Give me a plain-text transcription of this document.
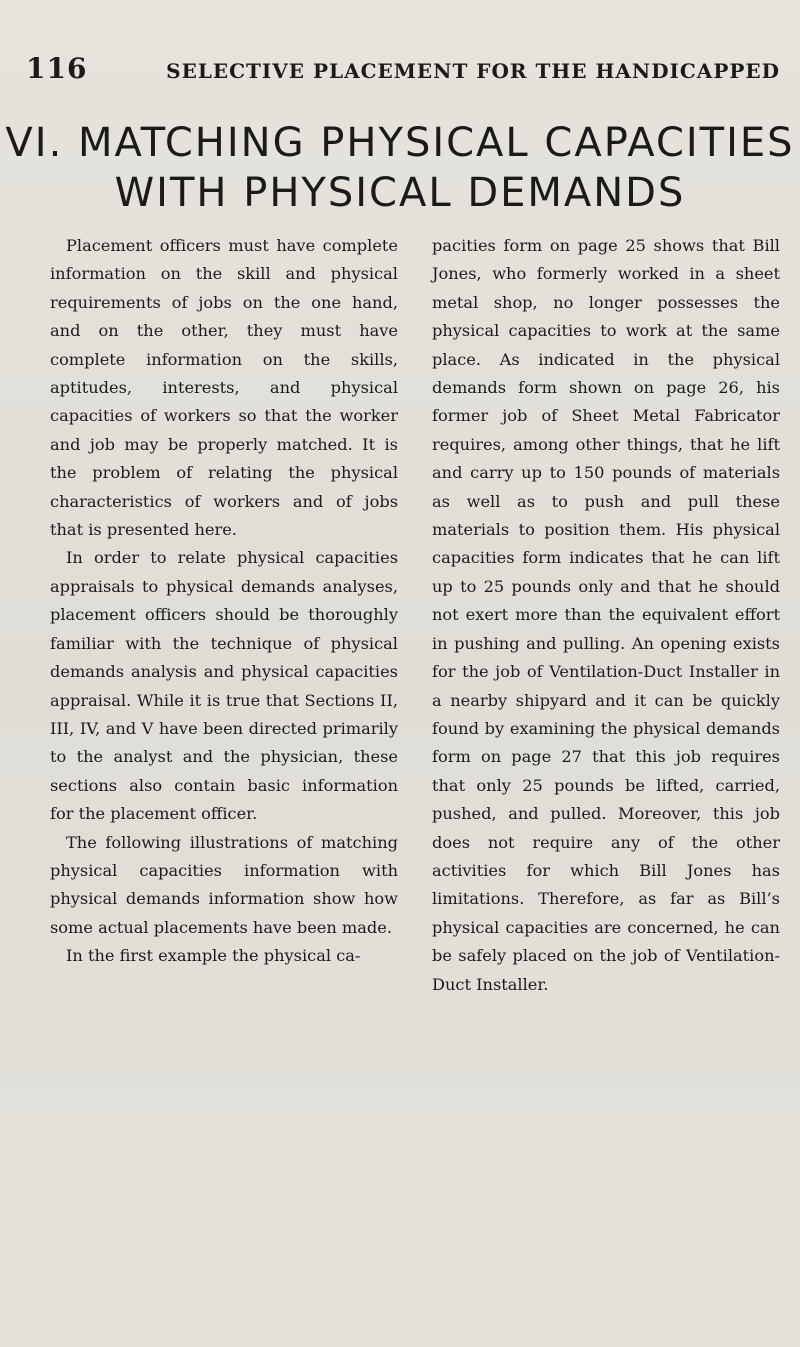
116	SELECTIVE PLACEMENT FOR THE HANDICAPPED
VI. MATCHING PHYSICAL CAPACITIES
WITH PHYSICAL DEMANDS

Placement officers must have complete information on the skill and physical requirements of jobs on the one hand, and on the other, they must have complete information on the skills, aptitudes, interests, and physical capacities of workers so that the worker and job may be properly matched. It is the problem of relating the physical characteristics of workers and of jobs that is presented here.

In order to relate physical capacities appraisals to physical demands analyses, placement officers should be thoroughly familiar with the technique of physical demands analysis and physical capacities appraisal. While it is true that Sections II, III, IV, and V have been directed primarily to the analyst and the physician, these sections also contain basic information for the placement officer.

The following illustrations of matching physical capacities information with physical demands information show how some actual placements have been made.

In the first example the physical ca-

pacities form on page 25 shows that Bill Jones, who formerly worked in a sheet metal shop, no longer possesses the physical capacities to work at the same place. As indicated in the physical demands form shown on page 26, his former job of Sheet Metal Fabricator requires, among other things, that he lift and carry up to 150 pounds of materials as well as to push and pull these materials to position them. His physical capacities form indicates that he can lift up to 25 pounds only and that he should not exert more than the equivalent effort in pushing and pulling. An opening exists for the job of Ventilation-Duct Installer in a nearby shipyard and it can be quickly found by examining the physical demands form on page 27 that this job requires that only 25 pounds be lifted, carried, pushed, and pulled. Moreover, this job does not require any of the other activities for which Bill Jones has limitations. Therefore, as far as Bill’s physical capacities are concerned, he can be safely placed on the job of Ventilation-Duct Installer.
